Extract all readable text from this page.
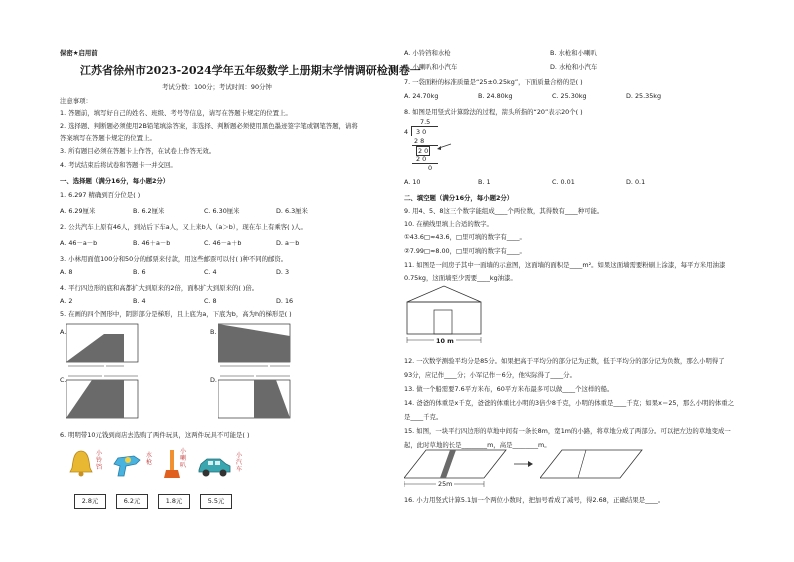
保密★启用前
江苏省徐州市2023-2024学年五年级数学上册期末学情调研检测卷一
考试分数：100分；考试时间：90分钟
注意事项：
1. 答题前，填写好自己的姓名、班级、考号等信息，请写在答题卡规定的位置上。
2. 选择题、判断题必须使用2B铅笔填涂答案，非选择、判断题必须使用黑色墨迹签字笔或钢笔答题，请将
答案填写在答题卡规定的位置上。
3. 所有题目必须在答题卡上作答，在试卷上作答无效。
4. 考试结束后将试卷和答题卡一并交回。
一、选择题（满分16分，每小题2分）
1. 6.297 精确到百分位是( )
A. 6.29厘米	B. 6.2厘米	C. 6.30厘米	D. 6.3厘米
2. 公共汽车上原有46人，到站后下车a人，又上来b人（a＞b），现在车上有乘客( )人。
A. 46－a－b	B. 46＋a－b	C. 46－a＋b	D. a－b
3. 小林用面值100分和50分的邮票来付款，用这些邮票可以付( )种不同的邮资。
A. 8	B. 6	C. 4	D. 3
4. 平行四边形的底和高都扩大到原来的2倍，面积扩大到原来的( )倍。
A. 2	B. 4	C. 8	D. 16
5. 在画的四个图形中，阴影部分是梯形，且上底为a，下底为b，高为h的梯形是( )
A.	B.
C.	D.
6. 明明带10元钱到商店去选购了两件玩具，这两件玩具不可能是( )
小铃铛
水枪
小喇叭
小汽车
2.8元	6.2元	1.8元	5.5元
A. 小铃铛和水枪	B. 水枪和小喇叭
C. 小喇叭和小汽车	D. 水枪和小汽车
7. 一袋面粉的标准质量是“25±0.25kg”，下面质量合格的是( )
A. 24.70kg	B. 24.80kg	C. 25.30kg	D. 25.35kg
8. 如图是用竖式计算除法的过程，箭头所指的“20”表示20个( )
7.5
4 3 0
2 8
2 0
2 0
0
A. 10	B. 1	C. 0.01	D. 0.1
二、填空题（满分16分，每小题2分）
9. 用4、5、8这三个数字能组成____个两位数，其得数有____种可能。
10. 在横线里填上合适的数字。
①43.6□≈43.6，□里可填的数字有____。
②7.99□≈8.00，□里可填的数字有____。
11. 如图是一间房子其中一面墙的示意图，这面墙的面积是____m²。如果这面墙需要粉刷上涂漆，每平方米用油漆
0.75kg，这面墙至少需要____kg油漆。
10 m
12. 一次数学测验平均分是85分。如果把高于平均分的部分记为正数，低于平均分的部分记为负数，那么小明得了
93分，应记作____分；小军记作－6分，他实际得了____分。
13. 做一个船需要7.6平方米布，60平方米布最多可以做____个这样的船。
14. 爸爸的体重是x千克，爸爸的体重比小明的3倍少8千克，小明的体重是____千克；如果x＝25，那么小明的体重之
是____千克。
15. 如图，一块平行四边形的草地中间有一条长8m，宽1m的小路，将草地分成了两部分。可以把左边的草地变成一
起，此时草地的长是________m，高是________m。
25m
16. 小力用竖式计算5.1加一个两位小数时，把加号看成了减号，得2.68，正确结果是____。
